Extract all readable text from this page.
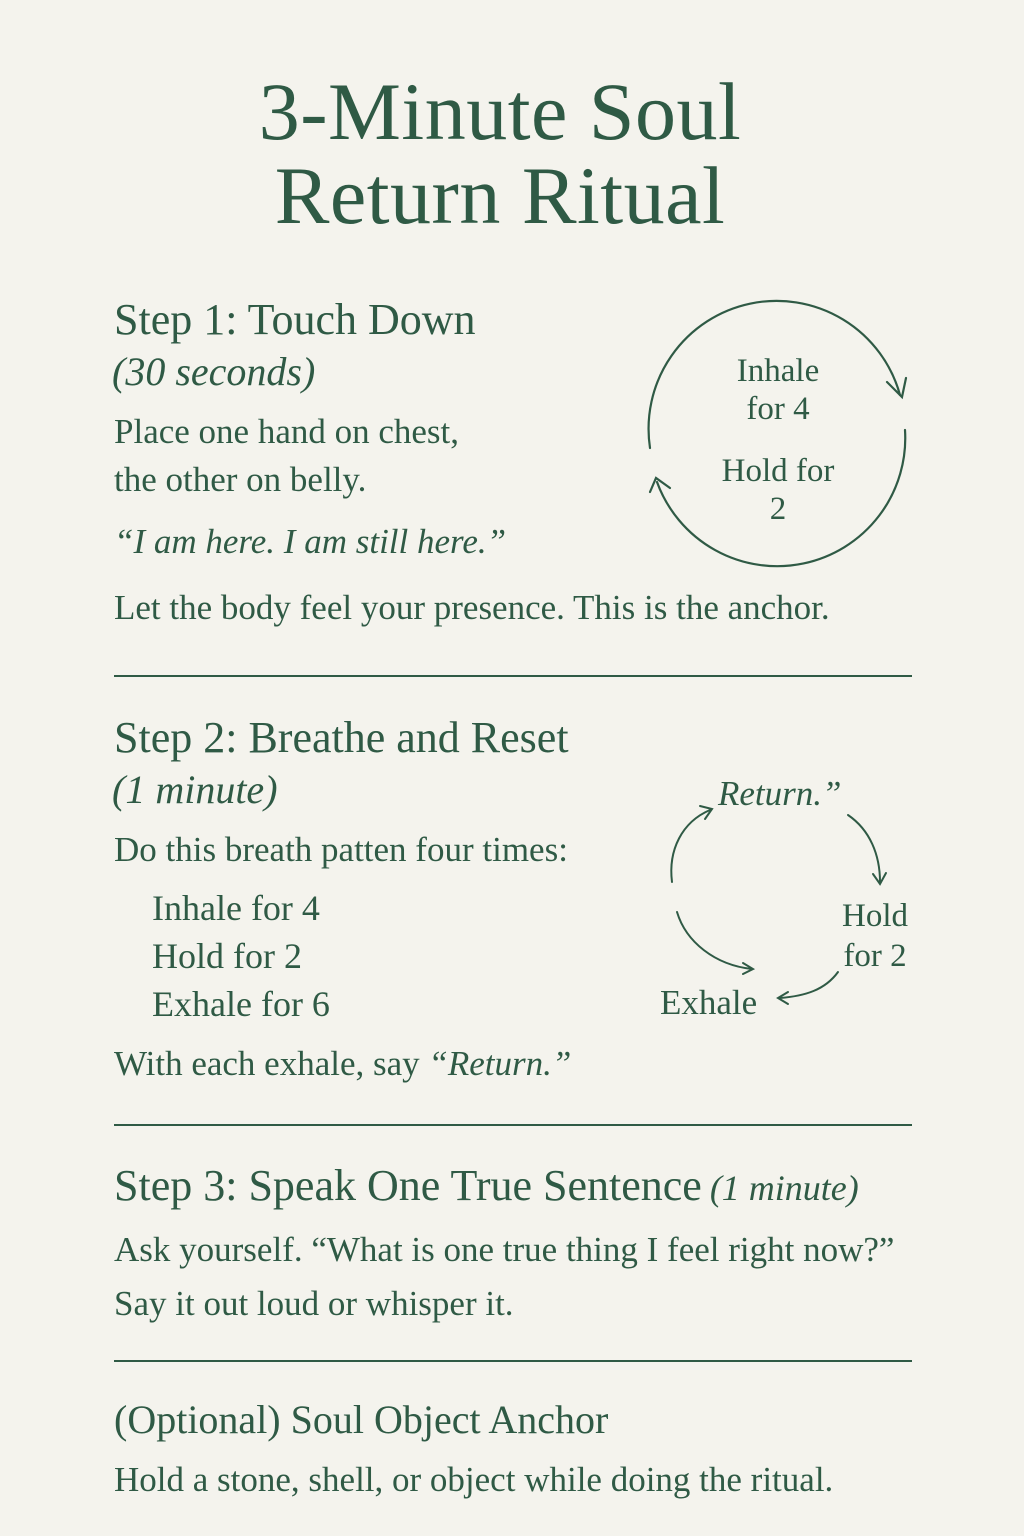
3-Minute Soul
Return Ritual
Step 1: Touch Down
(30 seconds)
Place one hand on chest,
the other on belly.
“I am here. I am still here.”
Let the body feel your presence. This is the anchor.
Inhale
for 4
Hold for
2
Step 2: Breathe and Reset
(1 minute)
Do this breath patten four times:
Inhale for 4
Hold for 2
Exhale for 6
With each exhale, say “Return.”
Return.”
Hold
for 2
Exhale
Step 3: Speak One True Sentence (1 minute)
Ask yourself. “What is one true thing I feel right now?”
Say it out loud or whisper it.
(Optional) Soul Object Anchor
Hold a stone, shell, or object while doing the ritual.
